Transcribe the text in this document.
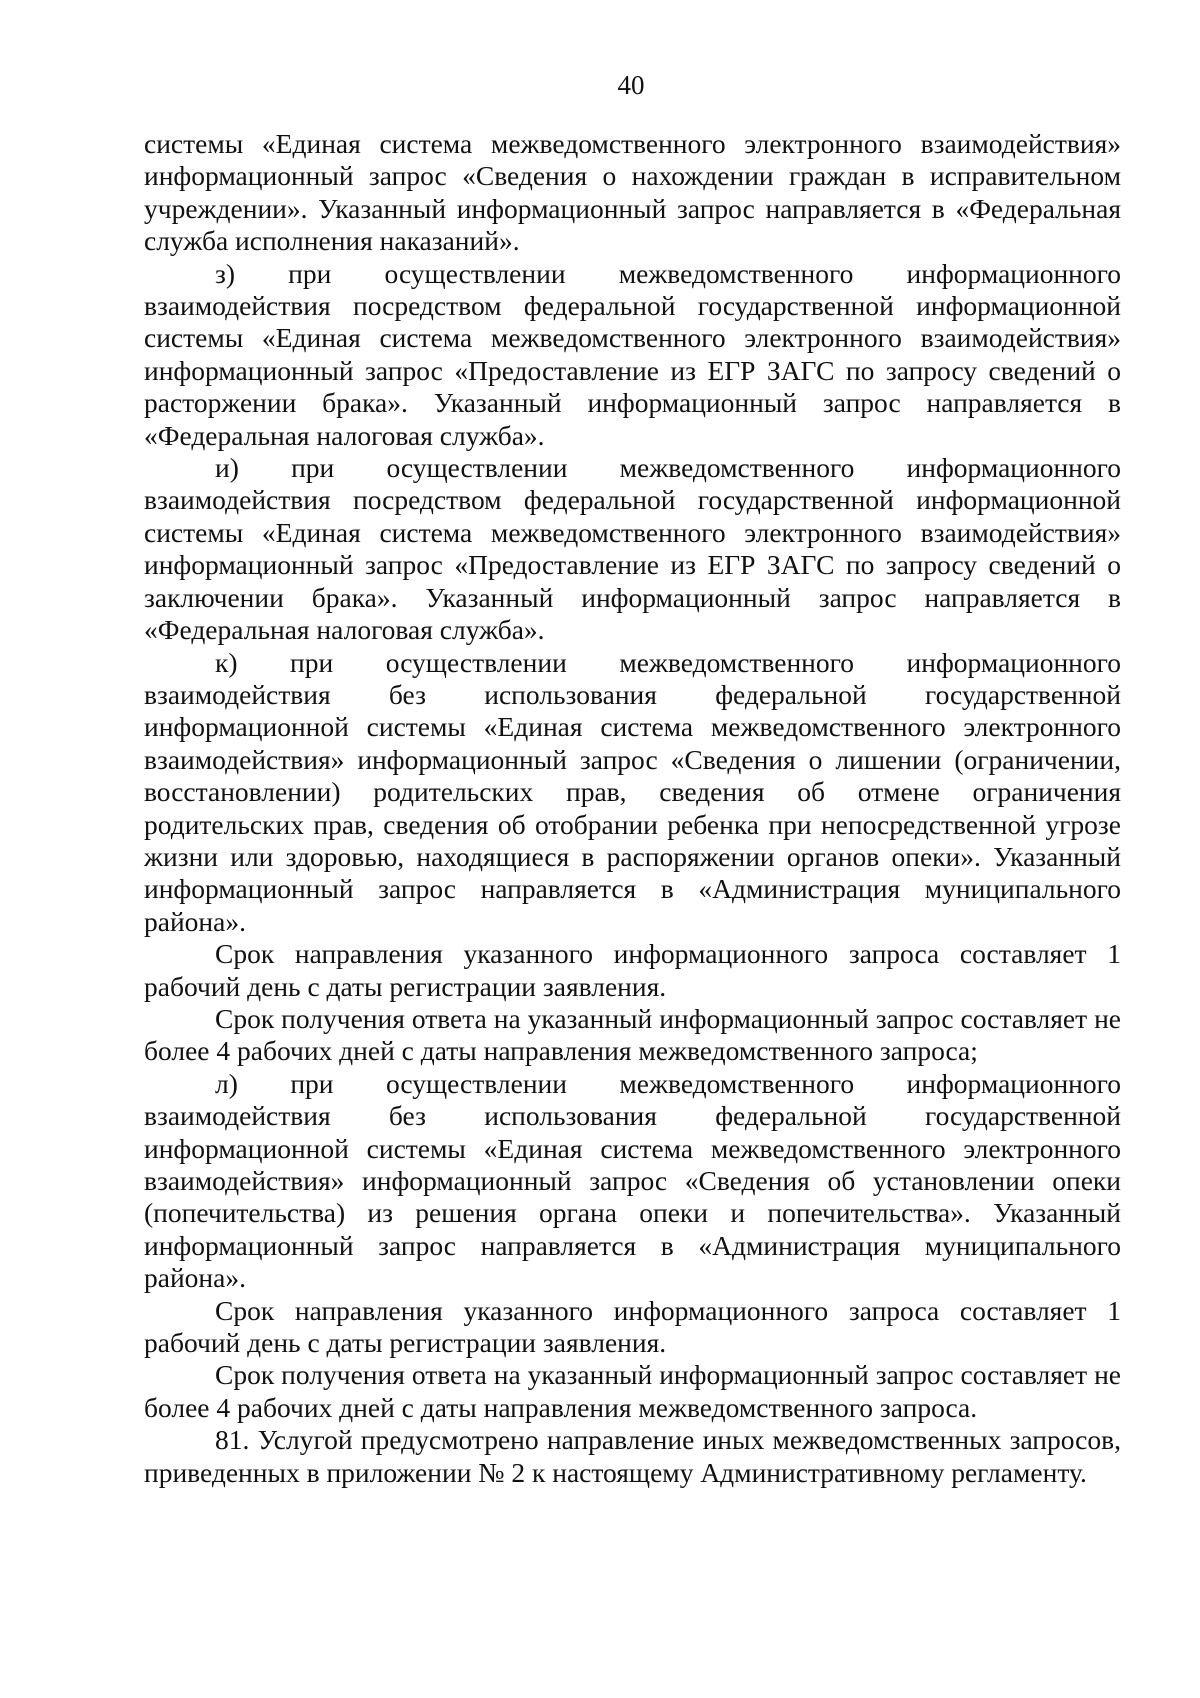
40

системы «Единая система межведомственного электронного взаимодействия» информационный запрос «Сведения о нахождении граждан в исправительном учреждении». Указанный информационный запрос направляется в «Федеральная служба исполнения наказаний».

з) при осуществлении межведомственного информационного взаимодействия посредством федеральной государственной информационной системы «Единая система межведомственного электронного взаимодействия» информационный запрос «Предоставление из ЕГР ЗАГС по запросу сведений о расторжении брака». Указанный информационный запрос направляется в «Федеральная налоговая служба».

и) при осуществлении межведомственного информационного взаимодействия посредством федеральной государственной информационной системы «Единая система межведомственного электронного взаимодействия» информационный запрос «Предоставление из ЕГР ЗАГС по запросу сведений о заключении брака». Указанный информационный запрос направляется в «Федеральная налоговая служба».

к) при осуществлении межведомственного информационного взаимодействия без использования федеральной государственной информационной системы «Единая система межведомственного электронного взаимодействия» информационный запрос «Сведения о лишении (ограничении, восстановлении) родительских прав, сведения об отмене ограничения родительских прав, сведения об отобрании ребенка при непосредственной угрозе жизни или здоровью, находящиеся в распоряжении органов опеки». Указанный информационный запрос направляется в «Администрация муниципального района».

Срок направления указанного информационного запроса составляет 1 рабочий день с даты регистрации заявления.

Срок получения ответа на указанный информационный запрос составляет не более 4 рабочих дней с даты направления межведомственного запроса;

л) при осуществлении межведомственного информационного взаимодействия без использования федеральной государственной информационной системы «Единая система межведомственного электронного взаимодействия» информационный запрос «Сведения об установлении опеки (попечительства) из решения органа опеки и попечительства». Указанный информационный запрос направляется в «Администрация муниципального района».

Срок направления указанного информационного запроса составляет 1 рабочий день с даты регистрации заявления.

Срок получения ответа на указанный информационный запрос составляет не более 4 рабочих дней с даты направления межведомственного запроса.

81. Услугой предусмотрено направление иных межведомственных запросов, приведенных в приложении № 2 к настоящему Административному регламенту.
